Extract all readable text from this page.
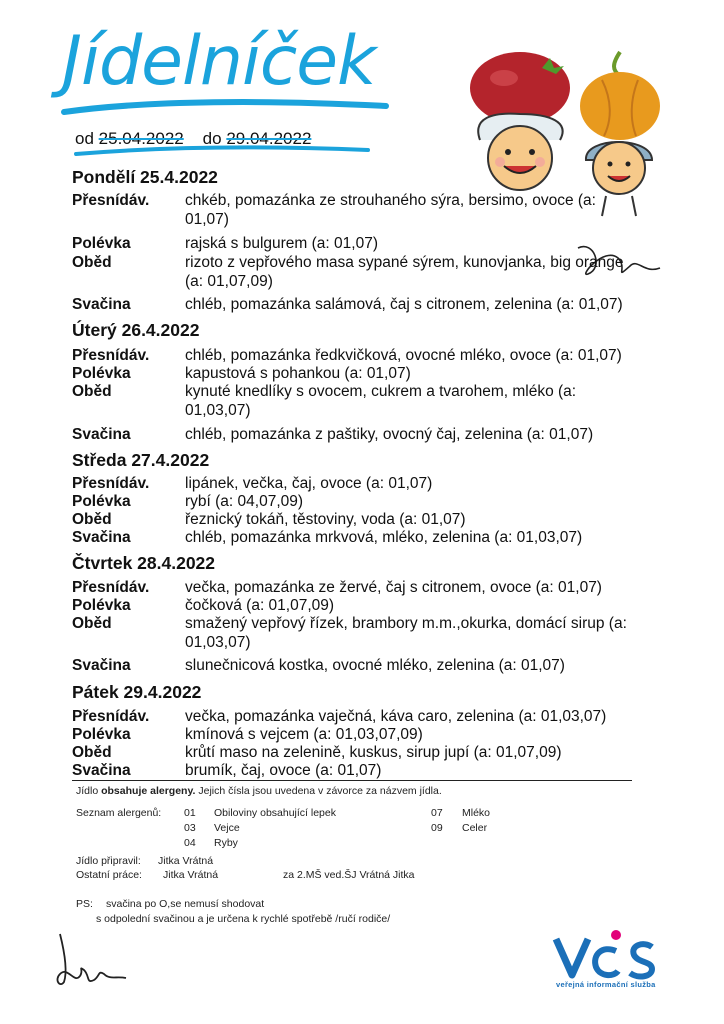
Jídelníček
od 25.04.2022 do 29.04.2022
Pondělí 25.4.2022
Přesnídáv. chkéb, pomazánka ze strouhaného sýra, bersimo, ovoce (a:
01,07)
Polévka	rajská s bulgurem (a: 01,07)
Oběd	rizoto z vepřového masa sypané sýrem, kunovjanka, big orange
(a: 01,07,09)
Svačina	chléb, pomazánka salámová, čaj s citronem, zelenina (a: 01,07)
Úterý 26.4.2022
Přesnídáv. chléb, pomazánka ředkvičková, ovocné mléko, ovoce (a: 01,07)
Polévka	kapustová s pohankou (a: 01,07)
Oběd	kynuté knedlíky s ovocem, cukrem a tvarohem, mléko (a:
01,03,07)
Svačina	chléb, pomazánka z paštiky, ovocný čaj, zelenina (a: 01,07)
Středa 27.4.2022
Přesnídáv. lipánek, večka, čaj, ovoce (a: 01,07)
Polévka	rybí (a: 04,07,09)
Oběd	řeznický tokáň, těstoviny, voda (a: 01,07)
Svačina	chléb, pomazánka mrkvová, mléko, zelenina (a: 01,03,07)
Čtvrtek 28.4.2022
Přesnídáv. večka, pomazánka ze žervé, čaj s citronem, ovoce (a: 01,07)
Polévka	čočková (a: 01,07,09)
Oběd	smažený vepřový řízek, brambory m.m.,okurka, domácí sirup (a:
01,03,07)
Svačina	slunečnicová kostka, ovocné mléko, zelenina (a: 01,07)
Pátek 29.4.2022
Přesnídáv. večka, pomazánka vaječná, káva caro, zelenina (a: 01,03,07)
Polévka	kmínová s vejcem (a: 01,03,07,09)
Oběd	krůtí maso na zelenině, kuskus, sirup jupí (a: 01,07,09)
Svačina	brumík, čaj, ovoce (a: 01,07)
Jídlo obsahuje alergeny. Jejich čísla jsou uvedena v závorce za názvem jídla.
Seznam alergenů: 01 Obiloviny obsahující lepek
03 Vejce
04 Ryby
07 Mléko
09 Celer
Jídlo připravil: Jitka Vrátná
Ostatní práce: Jitka Vrátná	za 2.MŠ ved.ŠJ Vrátná Jitka
PS: svačina po O,se nemusí shodovat
s odpolední svačinou a je určena k rychlé spotřebě /ručí rodiče/
veřejná informační služba
